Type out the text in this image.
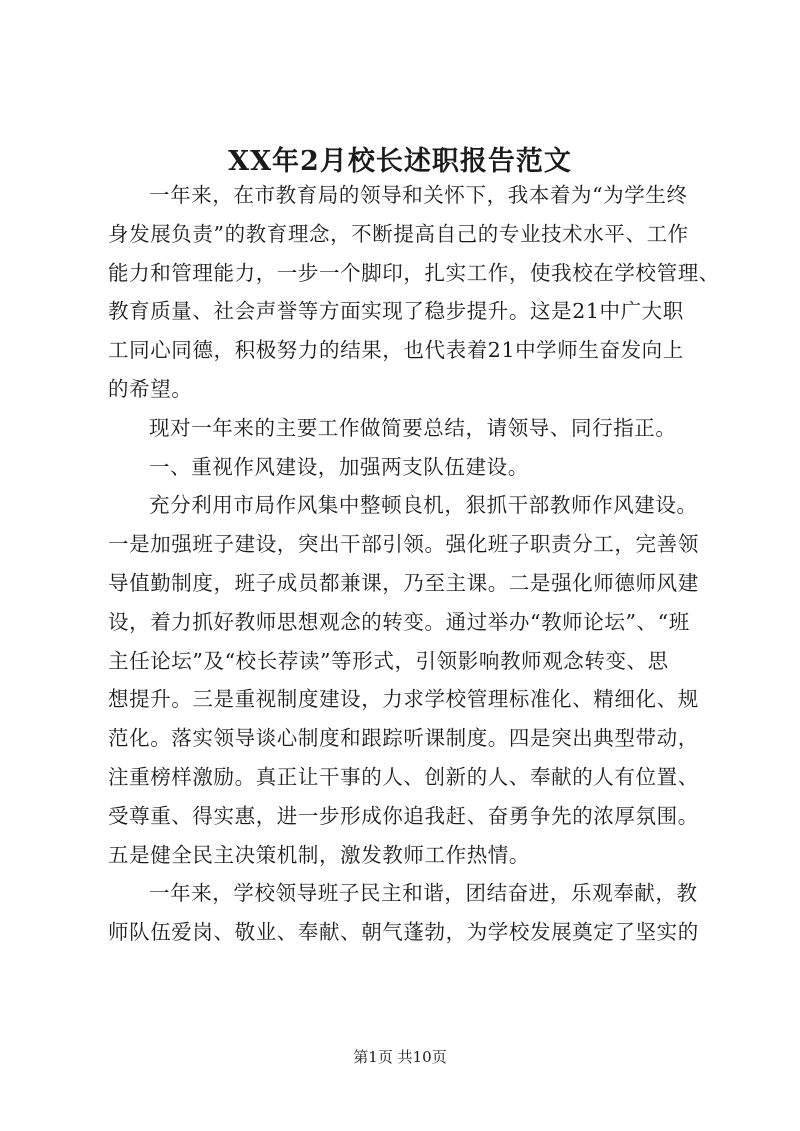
XX年2月校长述职报告范文
一年来，在市教育局的领导和关怀下，我本着为“为学生终
身发展负责”的教育理念，不断提高自己的专业技术水平、工作
能力和管理能力，一步一个脚印，扎实工作，使我校在学校管理、
教育质量、社会声誉等方面实现了稳步提升。这是21中广大职
工同心同德，积极努力的结果，也代表着21中学师生奋发向上
的希望。
现对一年来的主要工作做简要总结，请领导、同行指正。
一、重视作风建设，加强两支队伍建设。
充分利用市局作风集中整顿良机，狠抓干部教师作风建设。
一是加强班子建设，突出干部引领。强化班子职责分工，完善领
导值勤制度，班子成员都兼课，乃至主课。二是强化师德师风建
设，着力抓好教师思想观念的转变。通过举办“教师论坛”、“班
主任论坛”及“校长荐读”等形式，引领影响教师观念转变、思
想提升。三是重视制度建设，力求学校管理标准化、精细化、规
范化。落实领导谈心制度和跟踪听课制度。四是突出典型带动，
注重榜样激励。真正让干事的人、创新的人、奉献的人有位置、
受尊重、得实惠，进一步形成你追我赶、奋勇争先的浓厚氛围。
五是健全民主决策机制，激发教师工作热情。
一年来，学校领导班子民主和谐，团结奋进，乐观奉献，教
师队伍爱岗、敬业、奉献、朝气蓬勃，为学校发展奠定了坚实的
第1页 共10页
